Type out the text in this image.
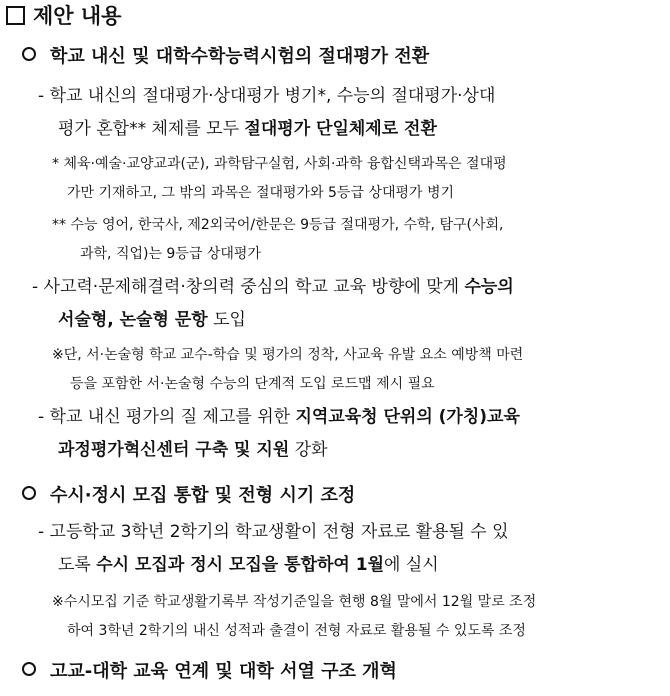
제안 내용
학교 내신 및 대학수학능력시험의 절대평가 전환
- 학교 내신의 절대평가·상대평가 병기*, 수능의 절대평가·상대
평가 혼합** 체제를 모두 절대평가 단일체제로 전환
* 체육·예술·교양교과(군), 과학탐구실험, 사회·과학 융합신택과목은 절대평
가만 기재하고, 그 밖의 과목은 절대평가와 5등급 상대평가 병기
** 수능 영어, 한국사, 제2외국어/한문은 9등급 절대평가, 수학, 탐구(사회,
과학, 직업)는 9등급 상대평가
- 사고력·문제해결력·창의력 중심의 학교 교육 방향에 맞게 수능의
서술형, 논술형 문항 도입
※단, 서·논술형 학교 교수-학습 및 평가의 정착, 사교육 유발 요소 예방책 마련
등을 포함한 서·논술형 수능의 단계적 도입 로드맵 제시 필요
- 학교 내신 평가의 질 제고를 위한 지역교육청 단위의 (가칭)교육
과정평가혁신센터 구축 및 지원 강화
수시·정시 모집 통합 및 전형 시기 조정
- 고등학교 3학년 2학기의 학교생활이 전형 자료로 활용될 수 있
도록 수시 모집과 정시 모집을 통합하여 1월에 실시
※수시모집 기준 학교생활기록부 작성기준일을 현행 8월 말에서 12월 말로 조정
하여 3학년 2학기의 내신 성적과 출결이 전형 자료로 활용될 수 있도록 조정
고교-대학 교육 연계 및 대학 서열 구조 개혁
